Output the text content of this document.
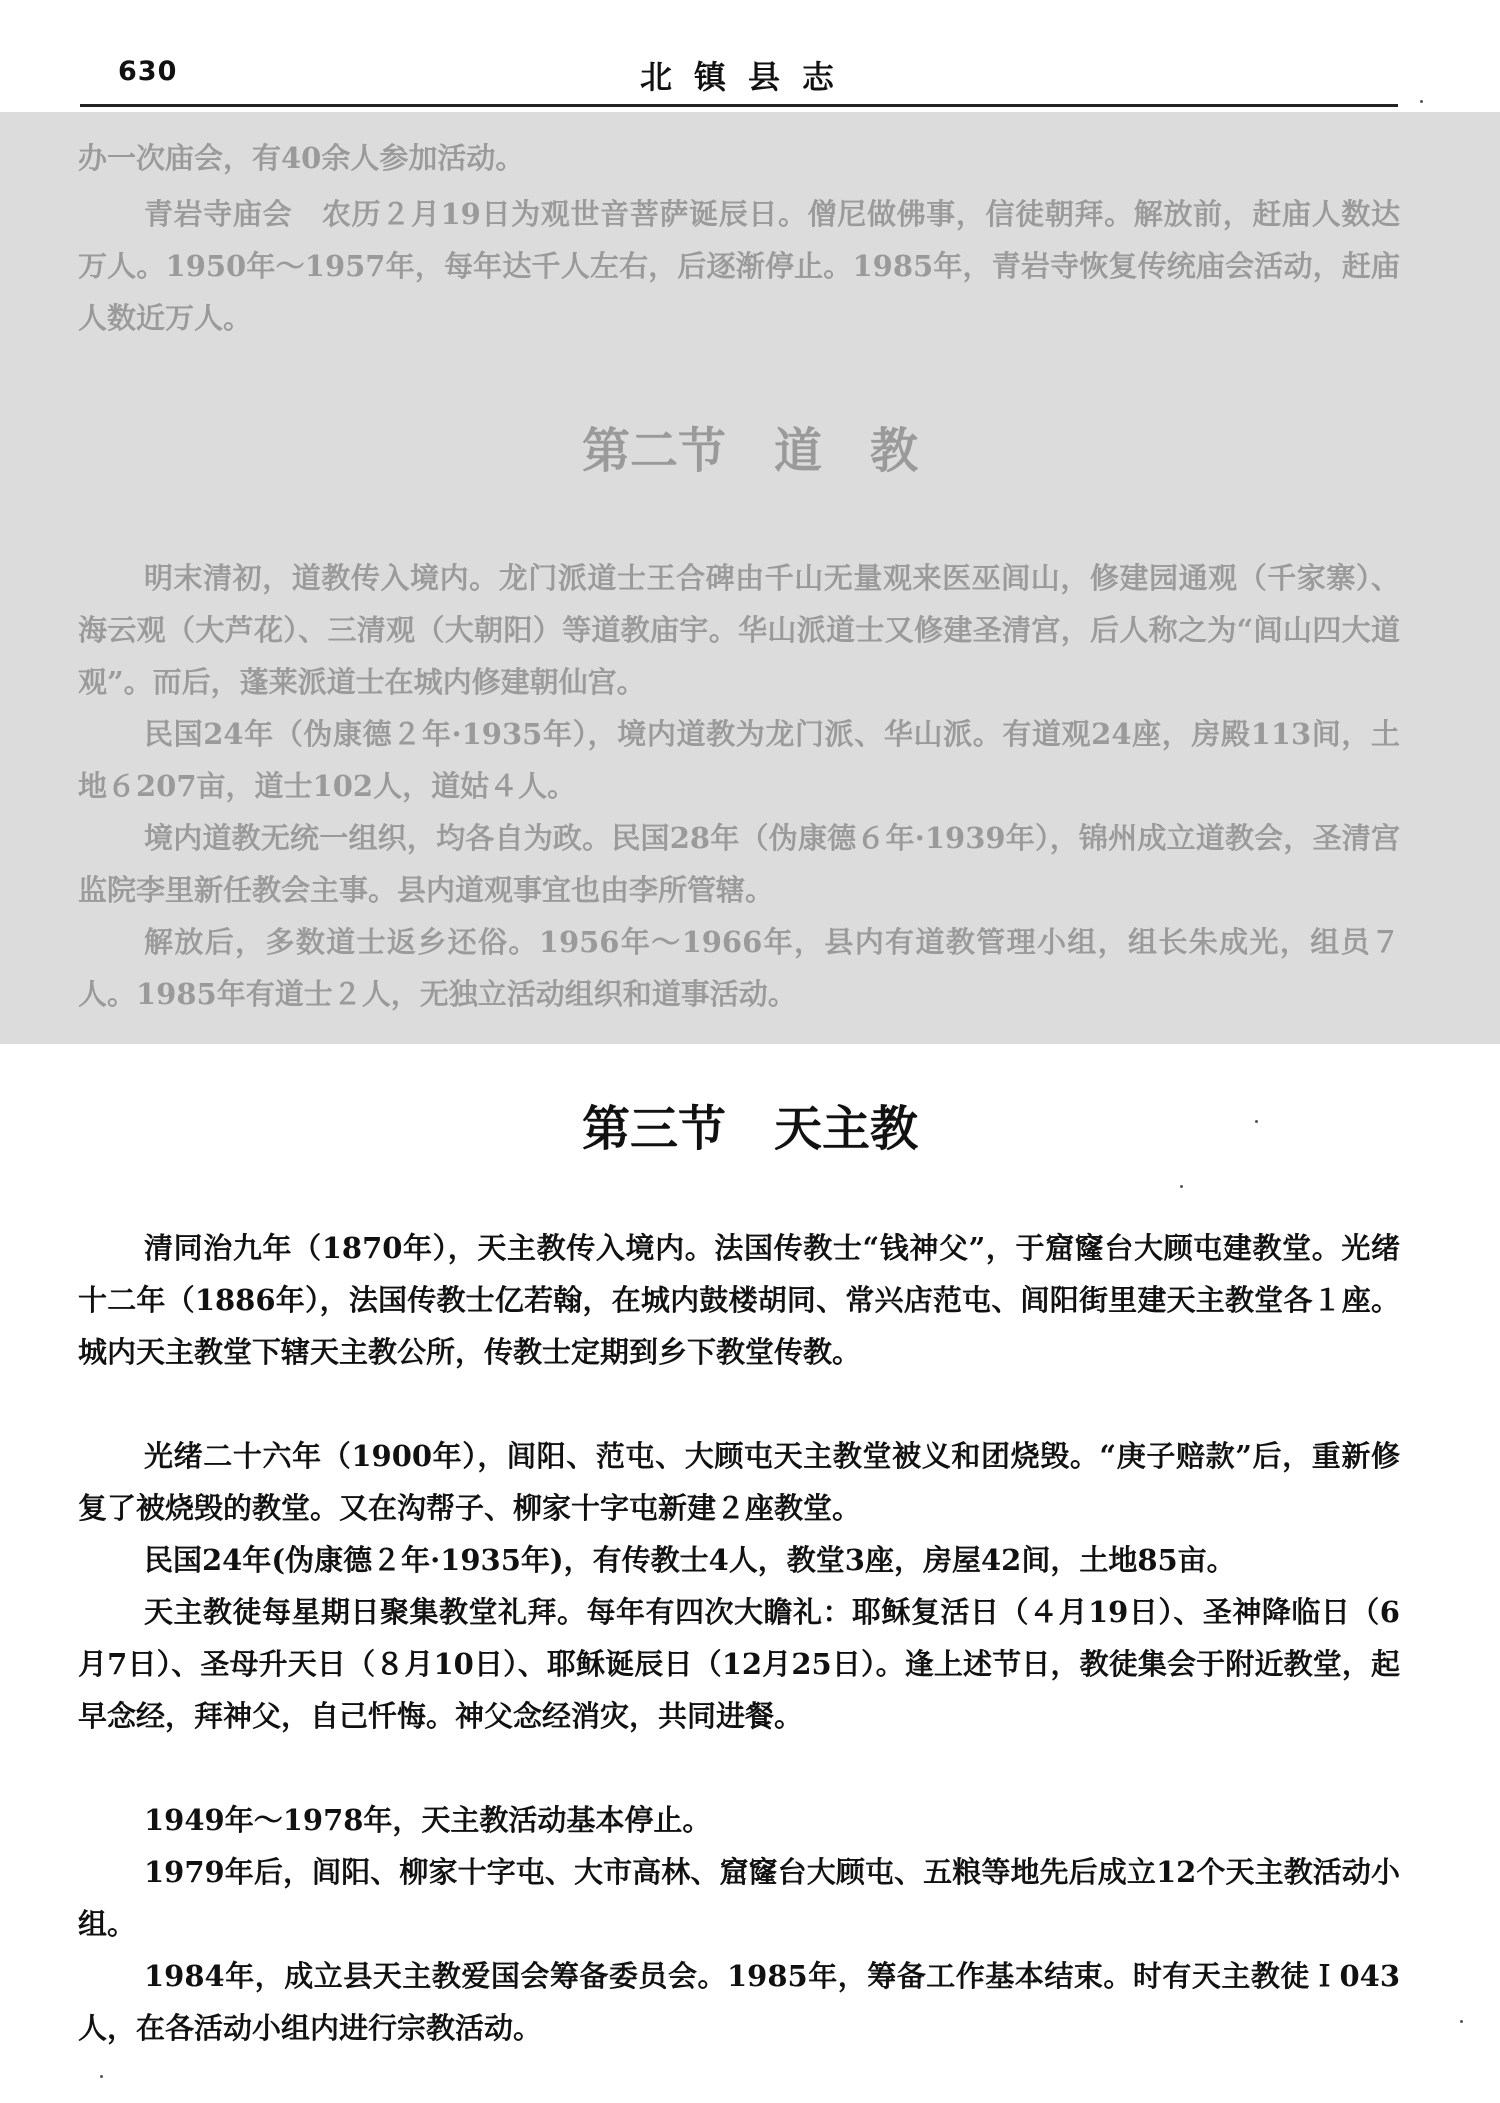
630	北镇县志

办一次庙会，有40余人参加活动。

青岩寺庙会　农历２月19日为观世音菩萨诞辰日。僧尼做佛事，信徒朝拜。解放前，赶庙人数达万人。1950年～1957年，每年达千人左右，后逐渐停止。1985年，青岩寺恢复传统庙会活动，赶庙人数近万人。

第二节　道　教

明末清初，道教传入境内。龙门派道士王合碑由千山无量观来医巫闾山，修建园通观（千家寨）、海云观（大芦花）、三清观（大朝阳）等道教庙宇。华山派道士又修建圣清宫，后人称之为“闾山四大道观”。而后，蓬莱派道士在城内修建朝仙宫。

民国24年（伪康德２年·1935年），境内道教为龙门派、华山派。有道观24座，房殿113间，土地６207亩，道士102人，道姑４人。

境内道教无统一组织，均各自为政。民国28年（伪康德６年·1939年），锦州成立道教会，圣清宫监院李里新任教会主事。县内道观事宜也由李所管辖。

解放后，多数道士返乡还俗。1956年～1966年，县内有道教管理小组，组长朱成光，组员７人。1985年有道士２人，无独立活动组织和道事活动。

第三节　天主教

清同治九年（1870年），天主教传入境内。法国传教士“钱神父”，于窟窿台大顾屯建教堂。光绪十二年（1886年），法国传教士亿若翰，在城内鼓楼胡同、常兴店范屯、闾阳街里建天主教堂各１座。城内天主教堂下辖天主教公所，传教士定期到乡下教堂传教。

光绪二十六年（1900年），闾阳、范屯、大顾屯天主教堂被义和团烧毁。“庚子赔款”后，重新修复了被烧毁的教堂。又在沟帮子、柳家十字屯新建２座教堂。

民国24年(伪康德２年·1935年)，有传教士4人，教堂3座，房屋42间，土地85亩。

天主教徒每星期日聚集教堂礼拜。每年有四次大瞻礼：耶稣复活日（４月19日）、圣神降临日（6月7日）、圣母升天日（８月10日）、耶稣诞辰日（12月25日）。逢上述节日，教徒集会于附近教堂，起早念经，拜神父，自己忏悔。神父念经消灾，共同进餐。

1949年～1978年，天主教活动基本停止。

1979年后，闾阳、柳家十字屯、大市高林、窟窿台大顾屯、五粮等地先后成立12个天主教活动小组。

1984年，成立县天主教爱国会筹备委员会。1985年，筹备工作基本结束。时有天主教徒Ｉ043人，在各活动小组内进行宗教活动。
